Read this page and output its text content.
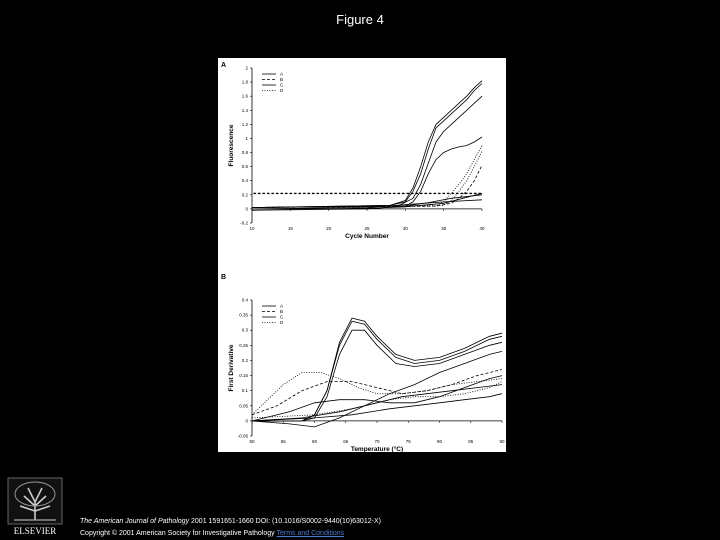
Figure 4
A
-0.2
0
0.2
0.4
0.6
0.8
1
1.2
1.4
1.6
1.8
2
10	15	20	25	30	35	40
Cycle Number
Fluorescence
A
B
C
D
B
-0.05
0
0.05
0.1
0.15
0.2
0.25
0.3
0.35
0.4
50	55	60	65	70	75	80	85	90
Temperature (°C)
First Derivative
A
B
C
D
ELSEVIER
The American Journal of Pathology 2001 1591651-1660 DOI: (10.1016/S0002-9440(10)63012-X)
Copyright © 2001 American Society for Investigative Pathology Terms and Conditions
